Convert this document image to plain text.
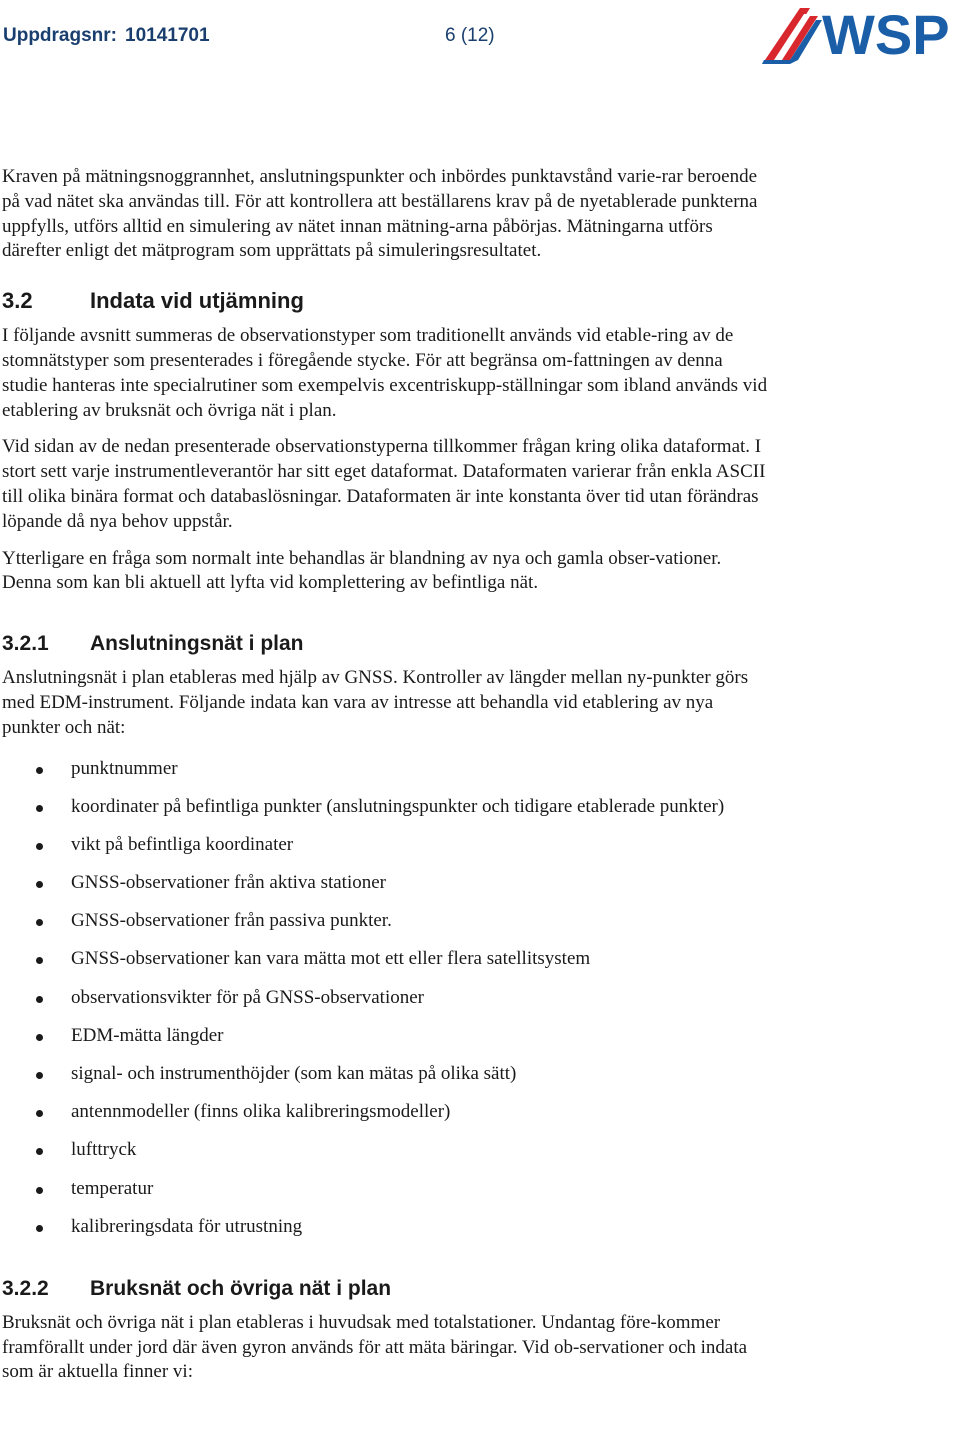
Uppdragsnr: 10141701	6 (12)	WSP

Kraven på mätningsnoggrannhet, anslutningspunkter och inbördes punktavstånd varie-rar beroende på vad nätet ska användas till. För att kontrollera att beställarens krav på de nyetablerade punkterna uppfylls, utförs alltid en simulering av nätet innan mätning-arna påbörjas. Mätningarna utförs därefter enligt det mätprogram som upprättats på simuleringsresultatet.

3.2	Indata vid utjämning

I följande avsnitt summeras de observationstyper som traditionellt används vid etable-ring av de stomnätstyper som presenterades i föregående stycke. För att begränsa om-fattningen av denna studie hanteras inte specialrutiner som exempelvis excentriskupp-ställningar som ibland används vid etablering av bruksnät och övriga nät i plan.

Vid sidan av de nedan presenterade observationstyperna tillkommer frågan kring olika dataformat. I stort sett varje instrumentleverantör har sitt eget dataformat. Dataformaten varierar från enkla ASCII till olika binära format och databaslösningar. Dataformaten är inte konstanta över tid utan förändras löpande då nya behov uppstår.

Ytterligare en fråga som normalt inte behandlas är blandning av nya och gamla obser-vationer. Denna som kan bli aktuell att lyfta vid komplettering av befintliga nät.

3.2.1 Anslutningsnät i plan

Anslutningsnät i plan etableras med hjälp av GNSS. Kontroller av längder mellan ny-punkter görs med EDM-instrument. Följande indata kan vara av intresse att behandla vid etablering av nya punkter och nät:

punktnummer
koordinater på befintliga punkter (anslutningspunkter och tidigare etablerade punkter)
vikt på befintliga koordinater
GNSS-observationer från aktiva stationer
GNSS-observationer från passiva punkter.
GNSS-observationer kan vara mätta mot ett eller flera satellitsystem
observationsvikter för på GNSS-observationer
EDM-mätta längder
signal- och instrumenthöjder (som kan mätas på olika sätt)
antennmodeller (finns olika kalibreringsmodeller)
lufttryck
temperatur
kalibreringsdata för utrustning
3.2.2 Bruksnät och övriga nät i plan

Bruksnät och övriga nät i plan etableras i huvudsak med totalstationer. Undantag före-kommer framförallt under jord där även gyron används för att mäta bäringar. Vid ob-servationer och indata som är aktuella finner vi:
